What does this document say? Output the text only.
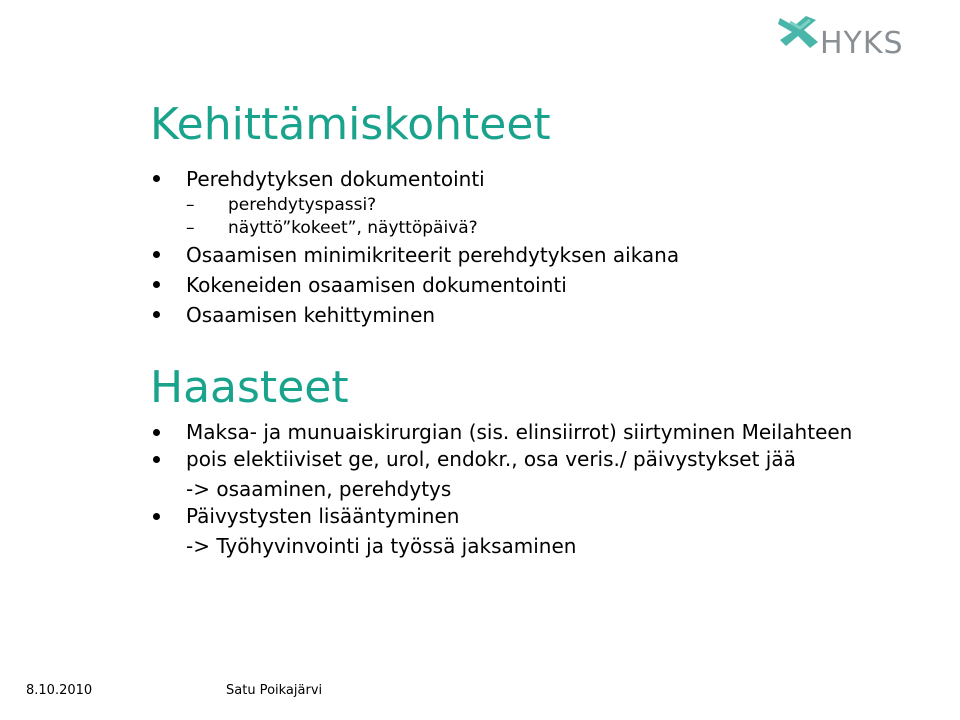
HYKS
Kehittämiskohteet
Perehdytyksen dokumentointi
– perehdytyspassi?
– näyttö”kokeet”, näyttöpäivä?
Osaamisen minimikriteerit perehdytyksen aikana
Kokeneiden osaamisen dokumentointi
Osaamisen kehittyminen
Haasteet
Maksa- ja munuaiskirurgian (sis. elinsiirrot) siirtyminen Meilahteen
pois elektiiviset ge, urol, endokr., osa veris./ päivystykset jää
-> osaaminen, perehdytys
Päivystysten lisääntyminen
-> Työhyvinvointi ja työssä jaksaminen
8.10.2010	Satu Poikajärvi
